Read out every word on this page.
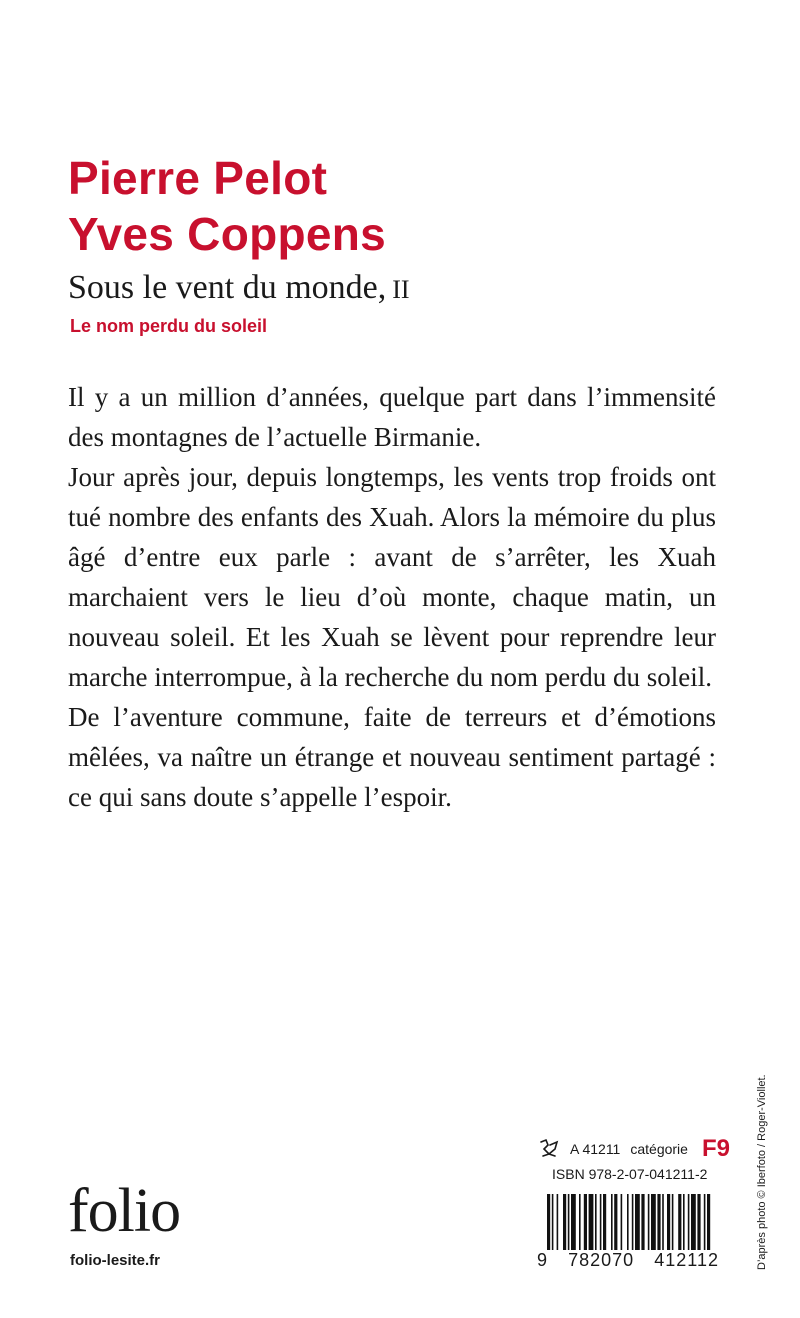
Pierre Pelot
Yves Coppens
Sous le vent du monde, II
Le nom perdu du soleil

Il y a un million d’années, quelque part dans l’immensité des montagnes de l’actuelle Birmanie.

Jour après jour, depuis longtemps, les vents trop froids ont tué nombre des enfants des Xuah. Alors la mémoire du plus âgé d’entre eux parle : avant de s’arrêter, les Xuah marchaient vers le lieu d’où monte, chaque matin, un nouveau soleil. Et les Xuah se lèvent pour reprendre leur marche interrompue, à la recherche du nom perdu du soleil.

De l’aventure commune, faite de terreurs et d’émotions mêlées, va naître un étrange et nouveau sentiment partagé : ce qui sans doute s’appelle l’espoir.

A 41211 catégorie F9
ISBN 978-2-07-041211-2
folio
folio-lesite.fr	9 782070 412112	D’après photo © Iberfoto / Roger-Viollet.
